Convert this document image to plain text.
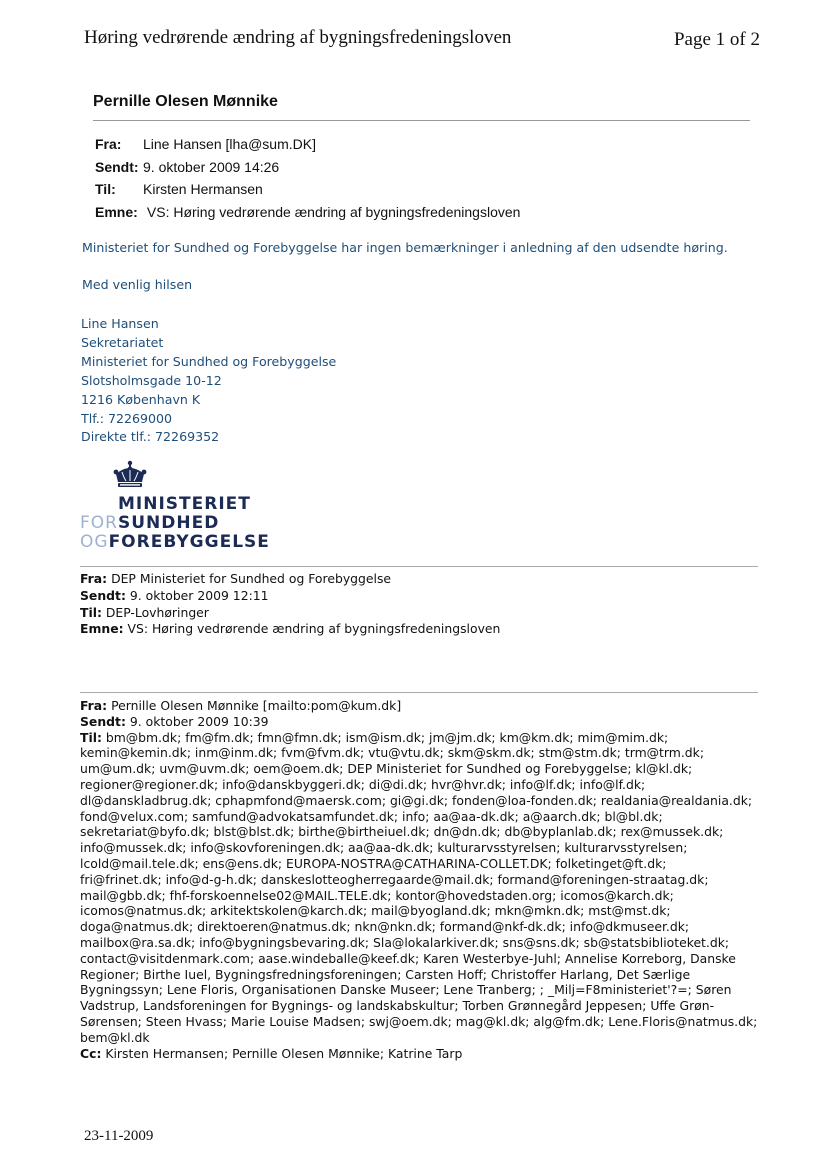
Høring vedrørende ændring af bygningsfredeningsloven	Page 1 of 2
Pernille Olesen Mønnike
Fra: Line Hansen [lha@sum.DK]
Sendt: 9. oktober 2009 14:26
Til: Kirsten Hermansen
Emne: VS: Høring vedrørende ændring af bygningsfredeningsloven
Ministeriet for Sundhed og Forebyggelse har ingen bemærkninger i anledning af den udsendte høring.
Med venlig hilsen
Line Hansen
Sekretariatet
Ministeriet for Sundhed og Forebyggelse
Slotsholmsgade 10-12
1216 København K
Tlf.: 72269000
Direkte tlf.: 72269352
MINISTERIET
FORSUNDHED
OGFOREBYGGELSE
Fra: DEP Ministeriet for Sundhed og Forebyggelse
Sendt: 9. oktober 2009 12:11
Til: DEP-Lovhøringer
Emne: VS: Høring vedrørende ændring af bygningsfredeningsloven
Fra: Pernille Olesen Mønnike [mailto:pom@kum.dk]
Sendt: 9. oktober 2009 10:39
Til: bm@bm.dk; fm@fm.dk; fmn@fmn.dk; ism@ism.dk; jm@jm.dk; km@km.dk; mim@mim.dk;
kemin@kemin.dk; inm@inm.dk; fvm@fvm.dk; vtu@vtu.dk; skm@skm.dk; stm@stm.dk; trm@trm.dk;
um@um.dk; uvm@uvm.dk; oem@oem.dk; DEP Ministeriet for Sundhed og Forebyggelse; kl@kl.dk;
regioner@regioner.dk; info@danskbyggeri.dk; di@di.dk; hvr@hvr.dk; info@lf.dk; info@lf.dk;
dl@danskladbrug.dk; cphapmfond@maersk.com; gi@gi.dk; fonden@loa-fonden.dk; realdania@realdania.dk;
fond@velux.com; samfund@advokatsamfundet.dk; info; aa@aa-dk.dk; a@aarch.dk; bl@bl.dk;
sekretariat@byfo.dk; blst@blst.dk; birthe@birtheiuel.dk; dn@dn.dk; db@byplanlab.dk; rex@mussek.dk;
info@mussek.dk; info@skovforeningen.dk; aa@aa-dk.dk; kulturarvsstyrelsen; kulturarvsstyrelsen;
lcold@mail.tele.dk; ens@ens.dk; EUROPA-NOSTRA@CATHARINA-COLLET.DK; folketinget@ft.dk;
fri@frinet.dk; info@d-g-h.dk; danskeslotteogherregaarde@mail.dk; formand@foreningen-straatag.dk;
mail@gbb.dk; fhf-forskoennelse02@MAIL.TELE.dk; kontor@hovedstaden.org; icomos@karch.dk;
icomos@natmus.dk; arkitektskolen@karch.dk; mail@byogland.dk; mkn@mkn.dk; mst@mst.dk;
doga@natmus.dk; direktoeren@natmus.dk; nkn@nkn.dk; formand@nkf-dk.dk; info@dkmuseer.dk;
mailbox@ra.sa.dk; info@bygningsbevaring.dk; Sla@lokalarkiver.dk; sns@sns.dk; sb@statsbiblioteket.dk;
contact@visitdenmark.com; aase.windeballe@keef.dk; Karen Westerbye-Juhl; Annelise Korreborg, Danske
Regioner; Birthe Iuel, Bygningsfredningsforeningen; Carsten Hoff; Christoffer Harlang, Det Særlige
Bygningssyn; Lene Floris, Organisationen Danske Museer; Lene Tranberg; ; _Milj=F8ministeriet'?=; Søren
Vadstrup, Landsforeningen for Bygnings- og landskabskultur; Torben Grønnegård Jeppesen; Uffe Grøn-
Sørensen; Steen Hvass; Marie Louise Madsen; swj@oem.dk; mag@kl.dk; alg@fm.dk; Lene.Floris@natmus.dk;
bem@kl.dk
Cc: Kirsten Hermansen; Pernille Olesen Mønnike; Katrine Tarp
23-11-2009
